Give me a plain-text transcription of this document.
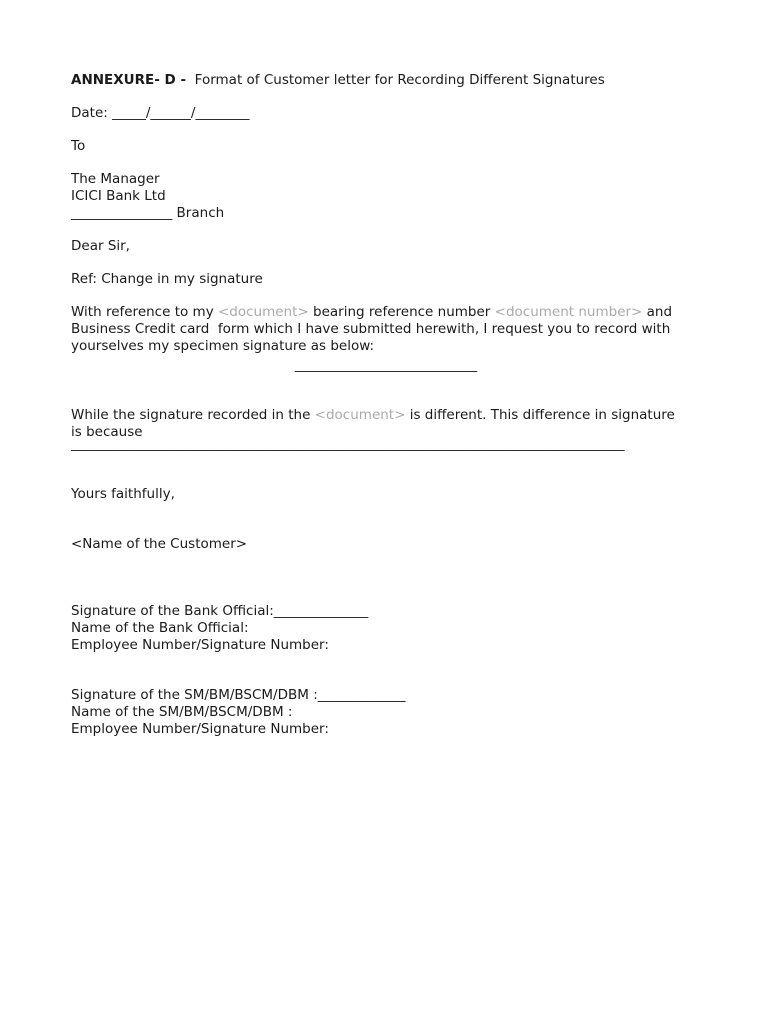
ANNEXURE- D - Format of Customer letter for Recording Different Signatures
Date: _____/______/________
To
The Manager
ICICI Bank Ltd
_______________ Branch
Dear Sir,
Ref: Change in my signature
With reference to my <document> bearing reference number <document number> and
Business Credit card  form which I have submitted herewith, I request you to record with
yourselves my specimen signature as below:
___________________________
While the signature recorded in the <document> is different. This difference in signature
is because
__________________________________________________________________________________
Yours faithfully,
<Name of the Customer>
Signature of the Bank Official:______________
Name of the Bank Official:
Employee Number/Signature Number:
Signature of the SM/BM/BSCM/DBM :_____________
Name of the SM/BM/BSCM/DBM :
Employee Number/Signature Number:
